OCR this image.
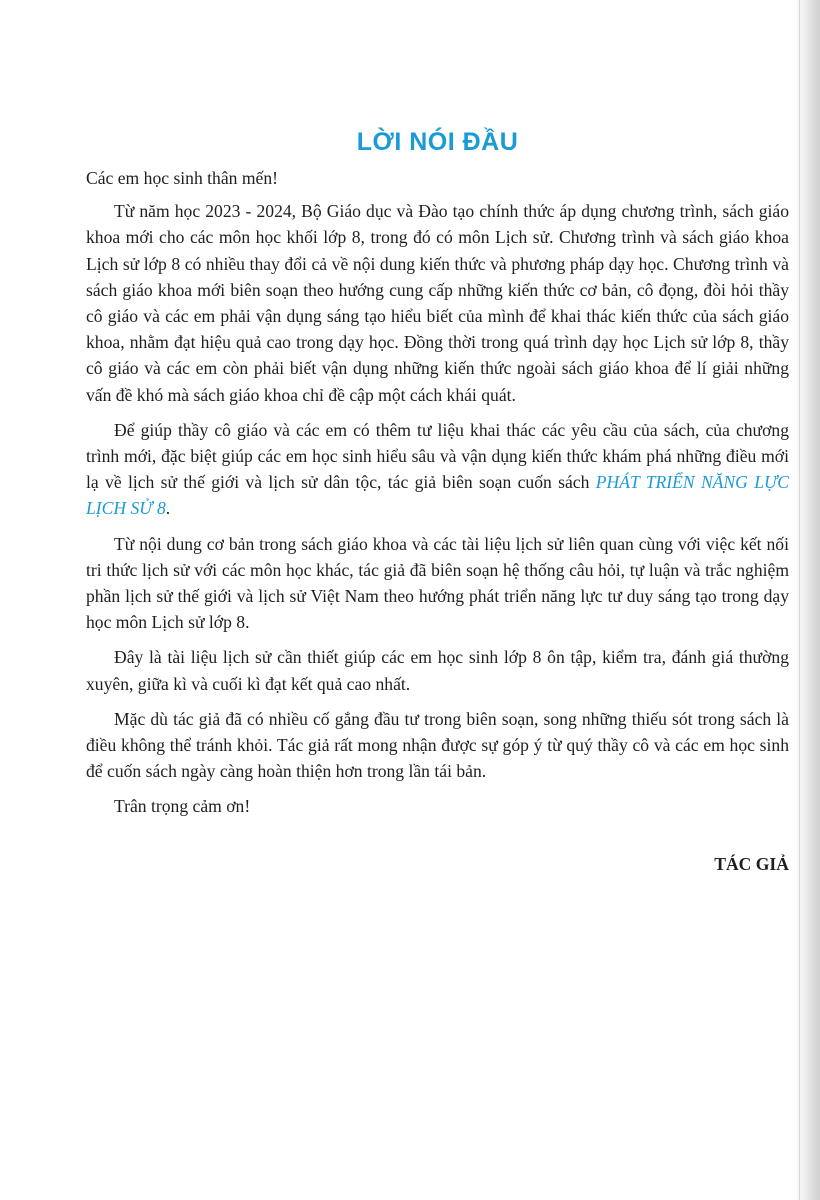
LỜI NÓI ĐẦU

Các em học sinh thân mến!

Từ năm học 2023 - 2024, Bộ Giáo dục và Đào tạo chính thức áp dụng chương trình, sách giáo khoa mới cho các môn học khối lớp 8, trong đó có môn Lịch sử. Chương trình và sách giáo khoa Lịch sử lớp 8 có nhiều thay đổi cả về nội dung kiến thức và phương pháp dạy học. Chương trình và sách giáo khoa mới biên soạn theo hướng cung cấp những kiến thức cơ bản, cô đọng, đòi hỏi thầy cô giáo và các em phải vận dụng sáng tạo hiểu biết của mình để khai thác kiến thức của sách giáo khoa, nhằm đạt hiệu quả cao trong dạy học. Đồng thời trong quá trình dạy học Lịch sử lớp 8, thầy cô giáo và các em còn phải biết vận dụng những kiến thức ngoài sách giáo khoa để lí giải những vấn đề khó mà sách giáo khoa chỉ đề cập một cách khái quát.

Để giúp thầy cô giáo và các em có thêm tư liệu khai thác các yêu cầu của sách, của chương trình mới, đặc biệt giúp các em học sinh hiểu sâu và vận dụng kiến thức khám phá những điều mới lạ về lịch sử thế giới và lịch sử dân tộc, tác giả biên soạn cuốn sách PHÁT TRIỂN NĂNG LỰC LỊCH SỬ 8.

Từ nội dung cơ bản trong sách giáo khoa và các tài liệu lịch sử liên quan cùng với việc kết nối tri thức lịch sử với các môn học khác, tác giả đã biên soạn hệ thống câu hỏi, tự luận và trắc nghiệm phần lịch sử thế giới và lịch sử Việt Nam theo hướng phát triển năng lực tư duy sáng tạo trong dạy học môn Lịch sử lớp 8.

Đây là tài liệu lịch sử cần thiết giúp các em học sinh lớp 8 ôn tập, kiểm tra, đánh giá thường xuyên, giữa kì và cuối kì đạt kết quả cao nhất.

Mặc dù tác giả đã có nhiều cố gắng đầu tư trong biên soạn, song những thiếu sót trong sách là điều không thể tránh khỏi. Tác giả rất mong nhận được sự góp ý từ quý thầy cô và các em học sinh để cuốn sách ngày càng hoàn thiện hơn trong lần tái bản.

Trân trọng cảm ơn!

TÁC GIẢ
